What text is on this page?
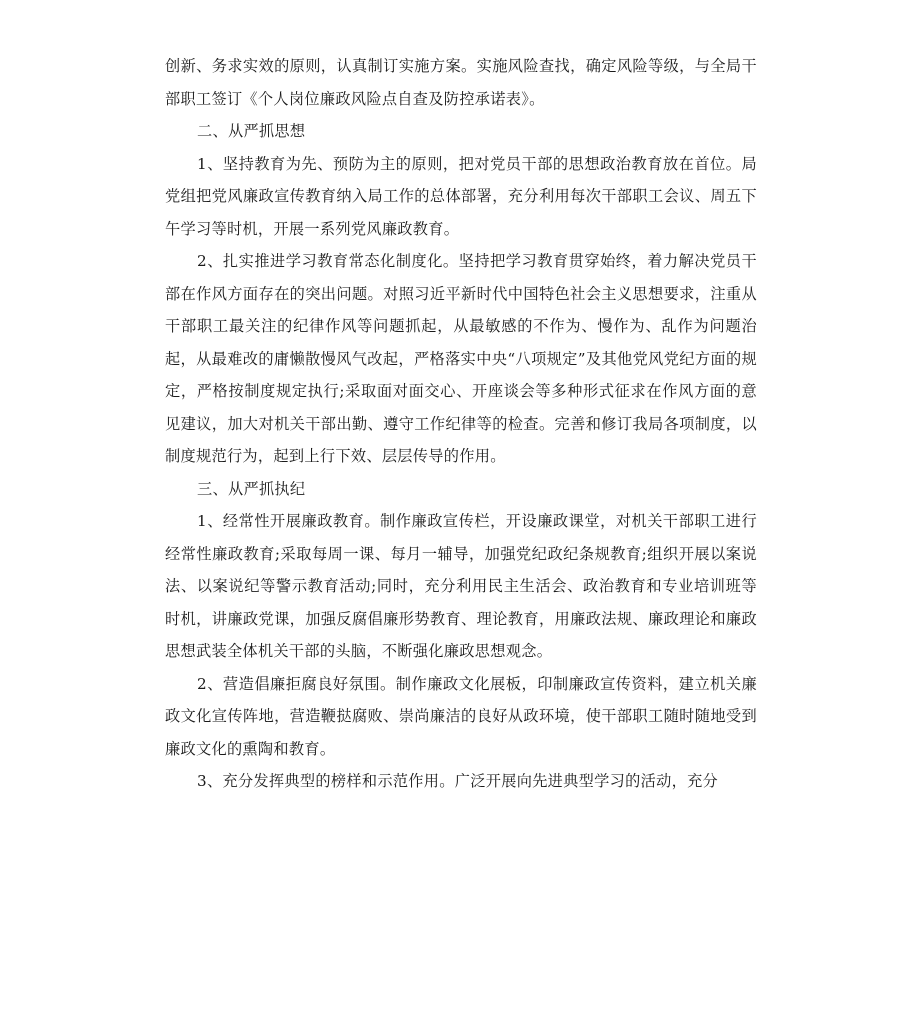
创新、务求实效的原则，认真制订实施方案。实施风险查找，确定风险等级，与全局干部职工签订《个人岗位廉政风险点自查及防控承诺表》。

二、从严抓思想

1、坚持教育为先、预防为主的原则，把对党员干部的思想政治教育放在首位。局党组把党风廉政宣传教育纳入局工作的总体部署，充分利用每次干部职工会议、周五下午学习等时机，开展一系列党风廉政教育。

2、扎实推进学习教育常态化制度化。坚持把学习教育贯穿始终，着力解决党员干部在作风方面存在的突出问题。对照习近平新时代中国特色社会主义思想要求，注重从干部职工最关注的纪律作风等问题抓起，从最敏感的不作为、慢作为、乱作为问题治起，从最难改的庸懒散慢风气改起，严格落实中央“八项规定”及其他党风党纪方面的规定，严格按制度规定执行;采取面对面交心、开座谈会等多种形式征求在作风方面的意见建议，加大对机关干部出勤、遵守工作纪律等的检查。完善和修订我局各项制度，以制度规范行为，起到上行下效、层层传导的作用。

三、从严抓执纪

1、经常性开展廉政教育。制作廉政宣传栏，开设廉政课堂，对机关干部职工进行经常性廉政教育;采取每周一课、每月一辅导，加强党纪政纪条规教育;组织开展以案说法、以案说纪等警示教育活动;同时，充分利用民主生活会、政治教育和专业培训班等时机，讲廉政党课，加强反腐倡廉形势教育、理论教育，用廉政法规、廉政理论和廉政思想武装全体机关干部的头脑，不断强化廉政思想观念。

2、营造倡廉拒腐良好氛围。制作廉政文化展板，印制廉政宣传资料，建立机关廉政文化宣传阵地，营造鞭挞腐败、崇尚廉洁的良好从政环境，使干部职工随时随地受到廉政文化的熏陶和教育。

3、充分发挥典型的榜样和示范作用。广泛开展向先进典型学习的活动，充分
